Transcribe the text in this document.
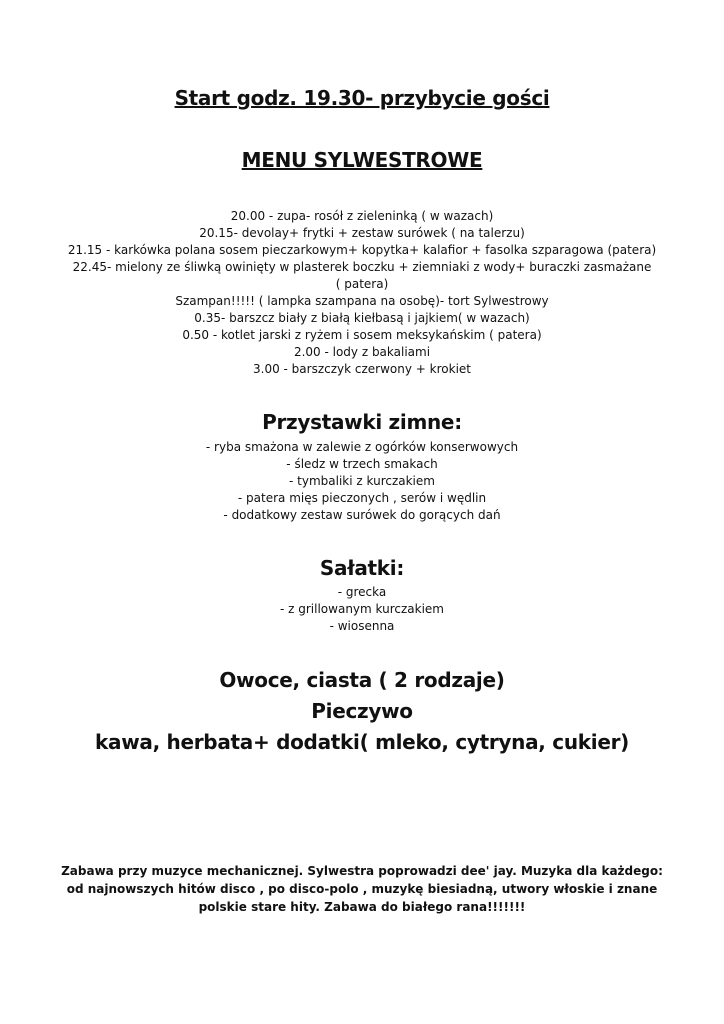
Start godz. 19.30- przybycie gości
MENU SYLWESTROWE
20.00 - zupa- rosół z zieleninką ( w wazach)
20.15- devolay+ frytki + zestaw surówek ( na talerzu)
21.15 - karkówka polana sosem pieczarkowym+ kopytka+ kalafior + fasolka szparagowa (patera)
22.45- mielony ze śliwką owinięty w plasterek boczku + ziemniaki z wody+ buraczki zasmażane
( patera)
Szampan!!!!! ( lampka szampana na osobę)- tort Sylwestrowy
0.35- barszcz biały z białą kiełbasą i jajkiem( w wazach)
0.50 - kotlet jarski z ryżem i sosem meksykańskim ( patera)
2.00 - lody z bakaliami
3.00 - barszczyk czerwony + krokiet
Przystawki zimne:
- ryba smażona w zalewie z ogórków konserwowych
- śledz w trzech smakach
- tymbaliki z kurczakiem
- patera mięs pieczonych , serów i wędlin
- dodatkowy zestaw surówek do gorących dań
Sałatki:
- grecka
- z grillowanym kurczakiem
- wiosenna
Owoce, ciasta ( 2 rodzaje)
Pieczywo
kawa, herbata+ dodatki( mleko, cytryna, cukier)
Zabawa przy muzyce mechanicznej. Sylwestra poprowadzi dee' jay. Muzyka dla każdego:
od najnowszych hitów disco , po disco-polo , muzykę biesiadną, utwory włoskie i znane
polskie stare hity. Zabawa do białego rana!!!!!!!
